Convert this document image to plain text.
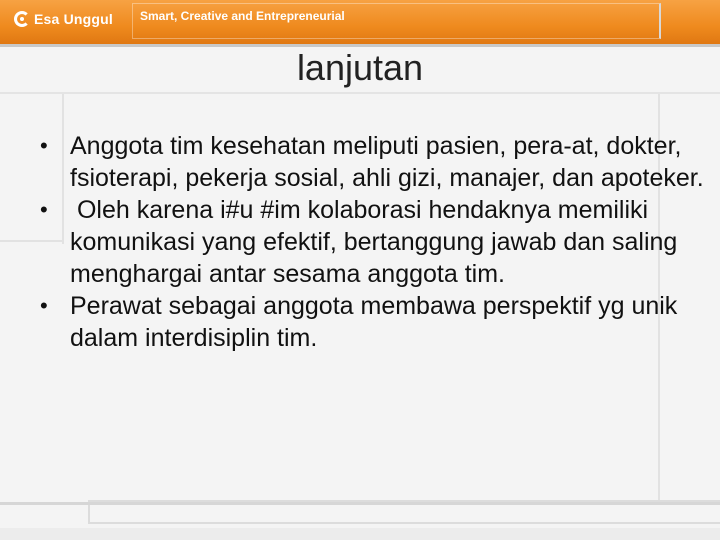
Esa Unggul Smart, Creative and Entrepreneurial
lanjutan
• Anggota tim kesehatan meliputi pasien, pera-at, dokter, fsioterapi, pekerja sosial, ahli gizi, manajer, dan apoteker.
• Oleh karena i#u #im kolaborasi hendaknya memiliki komunikasi yang efektif, bertanggung jawab dan saling menghargai antar sesama anggota tim.
• Perawat sebagai anggota membawa perspektif yg unik dalam interdisiplin tim.
